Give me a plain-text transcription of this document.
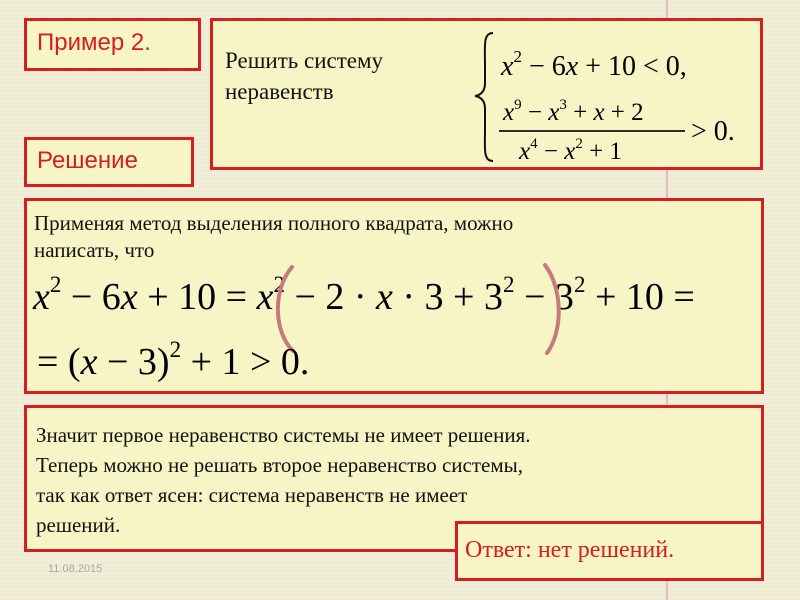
Пример 2.
Решить систему
неравенств
$x^2 - 6x + 10 < 0$,
$x^9 - x^3 + x + 2$
$x^4 - x^2 + 1$
> 0.
Решение
Применяя метод выделения полного квадрата, можно
написать, что
$x^2 - 6x + 10 = x^2 - 2 \cdot x \cdot 3 + 3^2 - 3^2 + 10$ =
= $(x - 3)^2 + 1 > 0$.
Значит первое неравенство системы не имеет решения.
Теперь можно не решать второе неравенство системы,
так как ответ ясен: система неравенств не имеет
решений.
Ответ: нет решений.
11.08.2015
